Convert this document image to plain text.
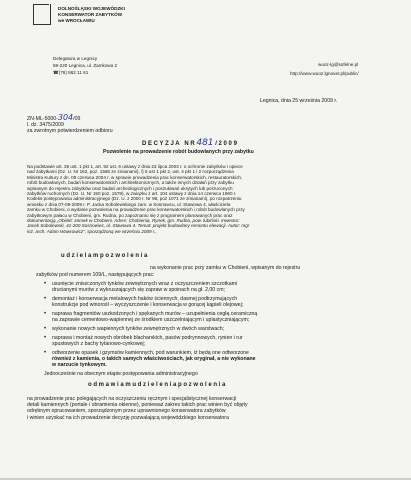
DOLNOŚLĄSKI WOJEWÓDZKI
KONSERWATOR ZABYTKÓW
we WROCŁAWIU
Delegatura w Legnicy
59-220 Legnica, ul. Zamkowa 2
☎(76) 862 11 61
wuoz-lg@sofelne.pl
http://www.wuoz.lgnover.pl/public/
Legnica, dnia 25 września 2009 r.
ZN-ML-5000-304/09
l. dz. 3475/2009
za zwrotnym potwierdzeniem odbioru
D E C Y Z J A   N R 481 / 2 0 0 9
Pozwolenie na prowadzenie robót budowlanych przy zabytku
Na podstawie art. 36 ust. 1 pkt 1, art. 92 ust. 6 ustawy z dnia 23 lipca 2003 r. o ochronie zabytków i opiece
nad zabytkami (Dz. U. Nr 162, poz. 1568 ze zmianami), § 6 ust 1 pkt 2, ust. 4 pkt 1 i 2 rozporządzenia
Ministra Kultury z dn. 09 czerwca 2004 r. w sprawie prowadzenia prac konserwatorskich, restauratorskich,
robót budowlanych, badań konserwatorskich i architektonicznych, a także innych działań przy zabytku
wpisanym do rejestru zabytków oraz badań archeologicznych i poszukiwań ukrytych lub porzuconych
zabytków ruchomych (Dz. U. Nr 150 poz. 1579), w związku z art. 104 ustawy z dnia 14 czerwca 1960 r.
Kodeks postępowania administracyjnego (Dz. U. z 2000 r. Nr 98, poz 1071 ze zmianami), po rozpatrzeniu
wniosku z dnia 07-09-2009 r. P. Jacka Sobolewskiego zam. w Sosnowcu, ul. Stawowa 4, właściciela
zamku w Chobieni, o wydanie pozwolenia na prowadzenie prac konserwatorskich i robót budowlanych przy
zabytkowym pałacu w Chobieni, gm. Rudna, po zapoznaniu się z programem planowanych prac oraz
dokumentacją „Obiekt: zamek w Chobieni. Adres: Chobienia, Rynek, gm. Rudna, pow. lubiński. Inwestor:
Jacek Sobolewski, 41-200 Sosnowiec, ul. Stawowa 4. Temat: projekt budowlany remontu elewacji. Autor: mgr
inż. arch. Adam Wawrowicz”, sporządzoną we wrześniu 2009 r.,
u d z i e l a m p o z w o l e n i a
na wykonanie prac przy zamku w Chobieni, wpisanym do rejestru
zabytków pod numerem 109/L, następujących prac:
• usunięcie zniszczonych tynków zewnętrznych wraz z oczyszczeniem szczotkami
drucianymi murów z wykruszających się zapraw w spoinach na gł. 2,00 cm;
• demontaż i konserwacja metalowych haków ściennych, dawnej podtrzymujących
konstrukcje pod winorośl – wyczyszczenie i konserwacja w gorącej kąpieli olejowej;
• naprawa fragmentów uszkodzonych i spękanych murów – uzupełnienia cegłą ceramiczną
na zaprawie cementowo-wapiennej ze środkiem uszczelniającym i uplastyczniającym;
• wykonanie nowych wapiennych tynków zewnętrznych w dwóch warstwach;
• naprawa i montaż nowych obróbek blacharskich, pasów podrynnowych, rynien i rur
spustowych z bachy tytanowo-cynkowej;
• odtworzenie opasek i gzymsów kamiennych, pod warunkiem, iż będą one odtworzone
również z kamienia, o takich samych właściwościach, jak oryginał, a nie wykonane
w narzucie tynkowym.
Jednocześnie na obecnym etapie postępowania administracyjnego
o d m a w i a m u d z i e l e n i a p o z w o l e n i a
na prowadzenie prac polegających na oczyszczeniu ręcznym i specjalistycznej konserwacji
detali kamiennych (portale i obramienia okienne), ponieważ zakres takich prac winien być objęty
odrębnym opracowaniem, sporządzonym przez uprawnionego konserwatora zabytków
i winien uzyskać na ich prowadzenie decyzję pozwalającą wojewódzkiego konserwatora
